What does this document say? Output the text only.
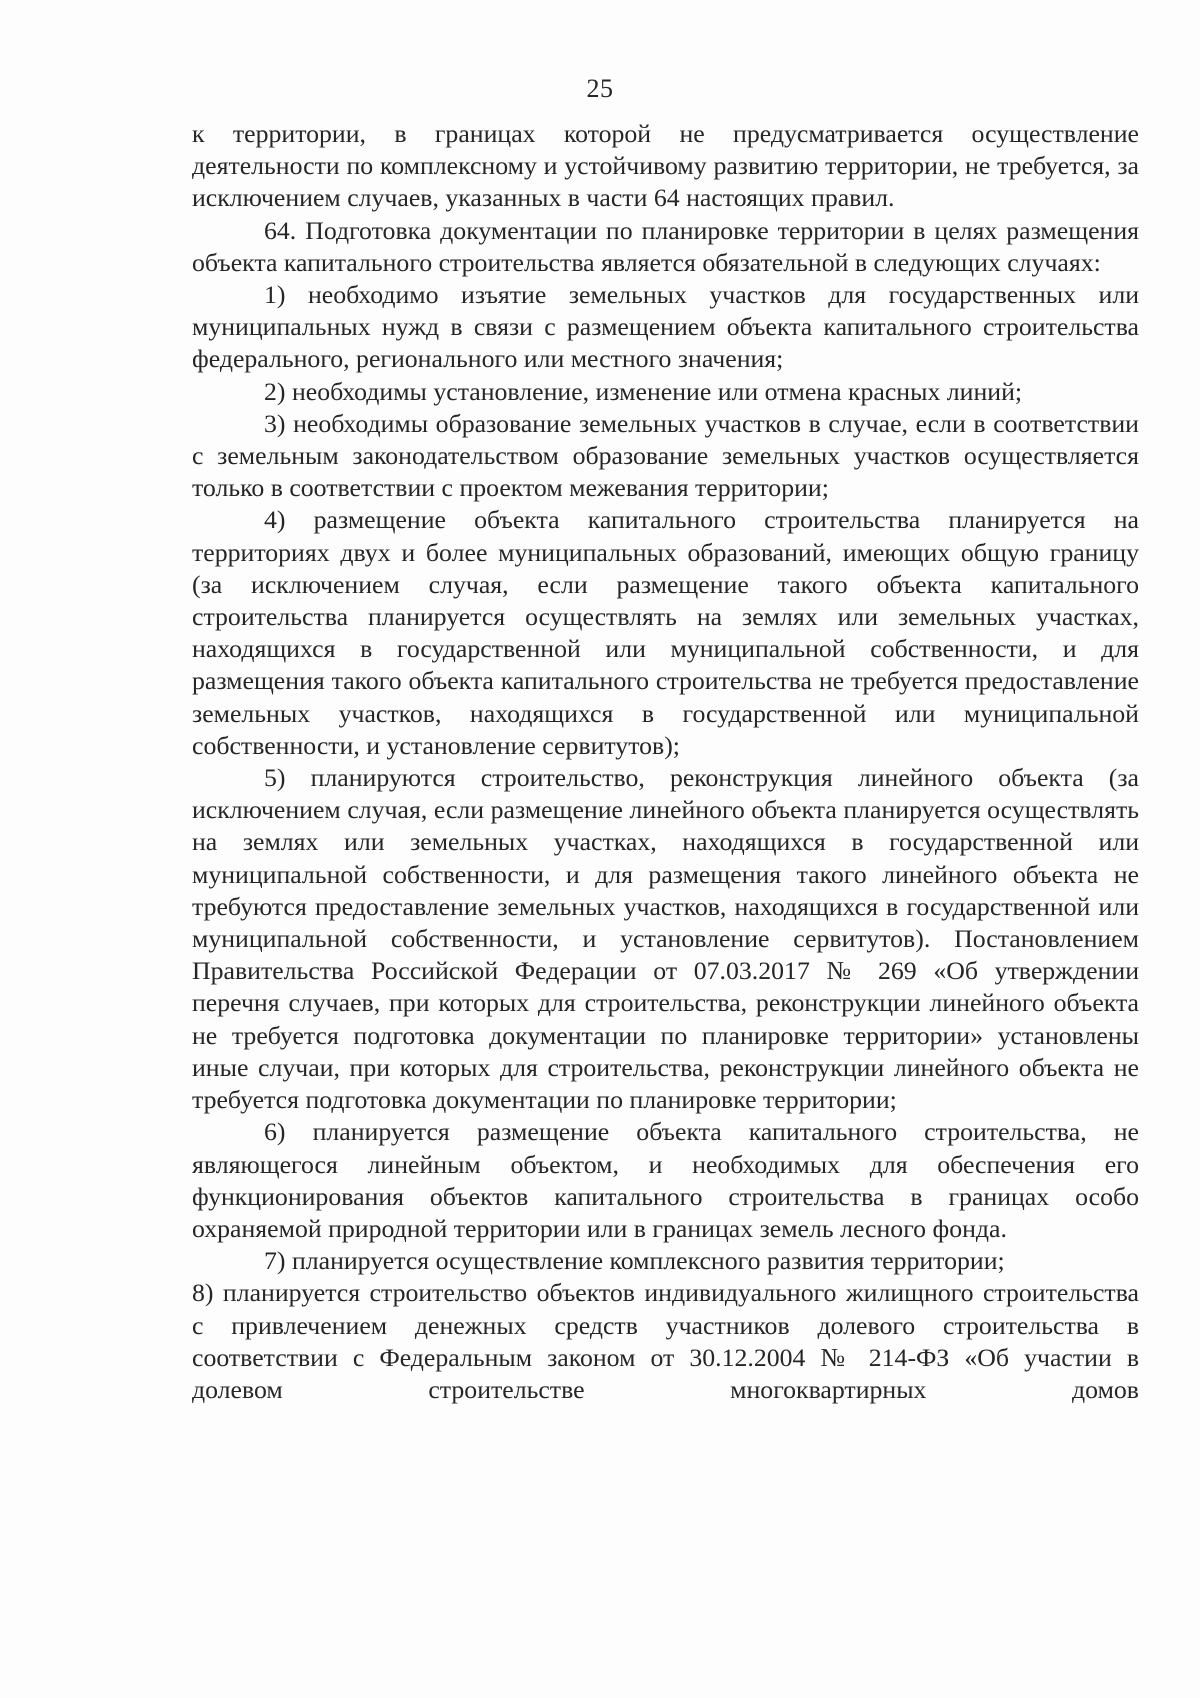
25

к территории, в границах которой не предусматривается осуществление деятельности по комплексному и устойчивому развитию территории, не требуется, за исключением случаев, указанных в части 64 настоящих правил.

64. Подготовка документации по планировке территории в целях размещения объекта капитального строительства является обязательной в следующих случаях:

1) необходимо изъятие земельных участков для государственных или муниципальных нужд в связи с размещением объекта капитального строительства федерального, регионального или местного значения;

2) необходимы установление, изменение или отмена красных линий;

3) необходимы образование земельных участков в случае, если в соответствии с земельным законодательством образование земельных участков осуществляется только в соответствии с проектом межевания территории;

4) размещение объекта капитального строительства планируется на территориях двух и более муниципальных образований, имеющих общую границу (за исключением случая, если размещение такого объекта капитального строительства планируется осуществлять на землях или земельных участках, находящихся в государственной или муниципальной собственности, и для размещения такого объекта капитального строительства не требуется предоставление земельных участков, находящихся в государственной или муниципальной собственности, и установление сервитутов);

5) планируются строительство, реконструкция линейного объекта (за исключением случая, если размещение линейного объекта планируется осуществлять на землях или земельных участках, находящихся в государственной или муниципальной собственности, и для размещения такого линейного объекта не требуются предоставление земельных участков, находящихся в государственной или муниципальной собственности, и установление сервитутов). Постановлением Правительства Российской Федерации от 07.03.2017 № 269 «Об утверждении перечня случаев, при которых для строительства, реконструкции линейного объекта не требуется подготовка документации по планировке территории» установлены иные случаи, при которых для строительства, реконструкции линейного объекта не требуется подготовка документации по планировке территории;

6) планируется размещение объекта капитального строительства, не являющегося линейным объектом, и необходимых для обеспечения его функционирования объектов капитального строительства в границах особо охраняемой природной территории или в границах земель лесного фонда.

7) планируется осуществление комплексного развития территории;

8) планируется строительство объектов индивидуального жилищного строительства с привлечением денежных средств участников долевого строительства в соответствии с Федеральным законом от 30.12.2004 № 214-ФЗ «Об участии в долевом строительстве многоквартирных домов
